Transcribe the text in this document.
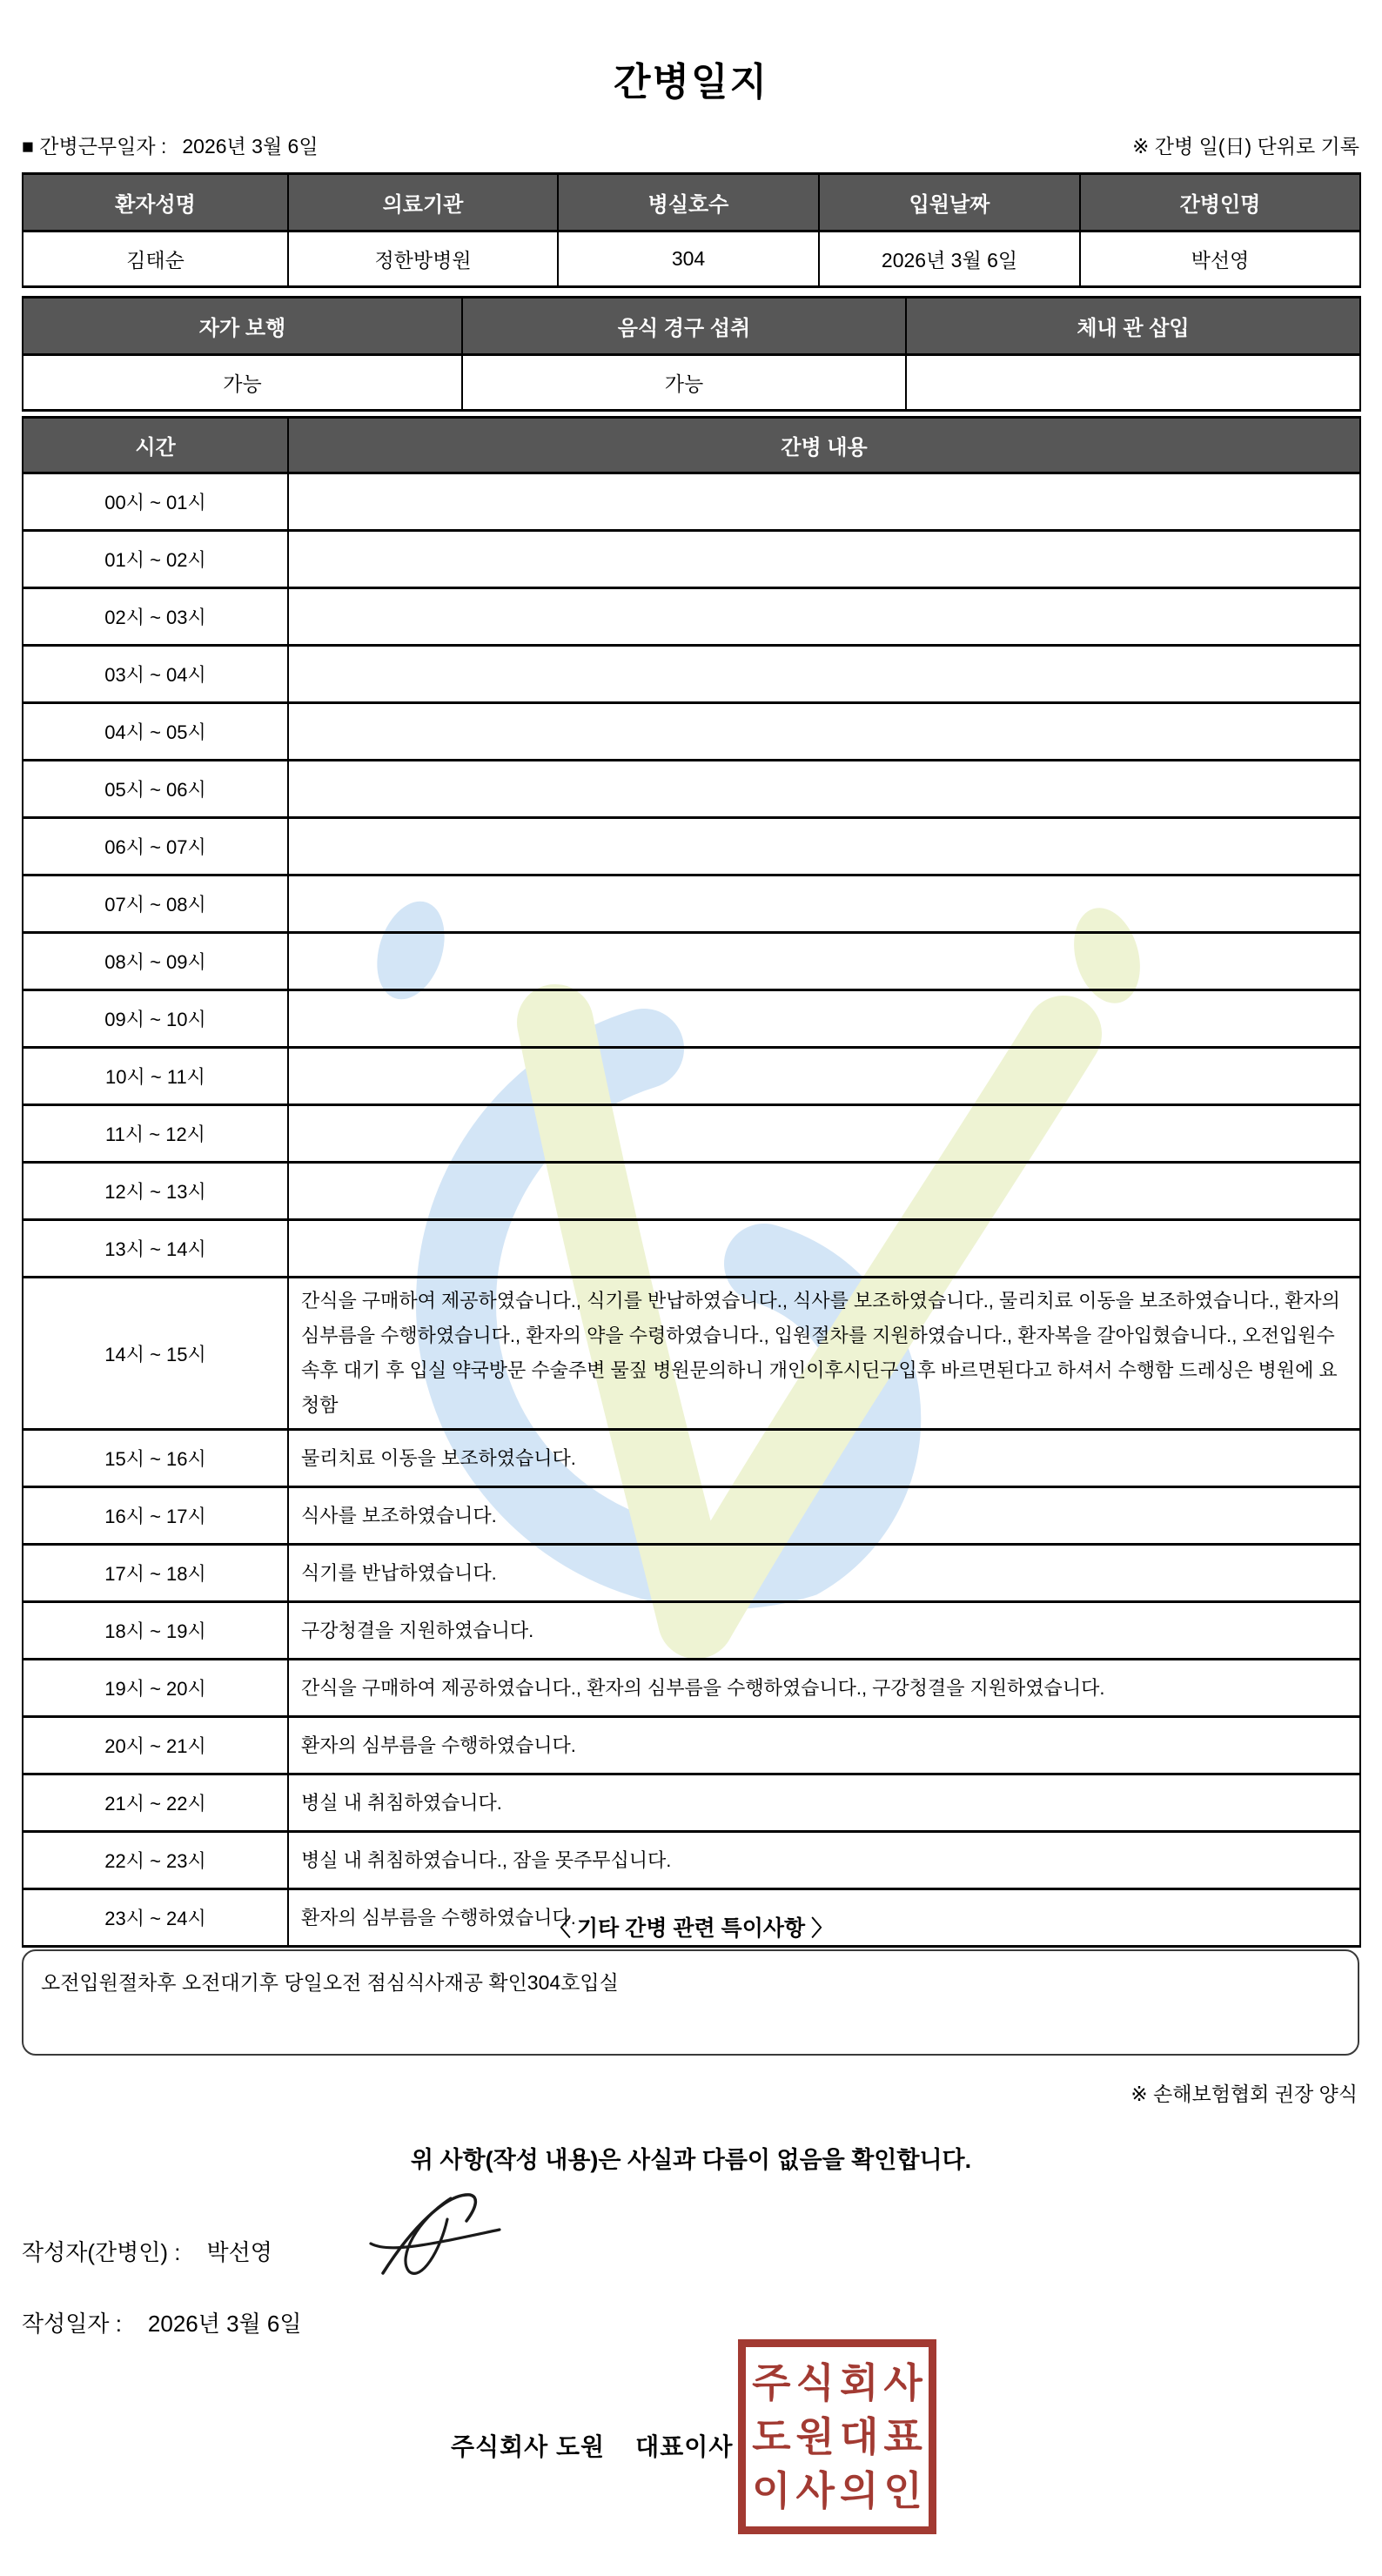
간병일지
■ 간병근무일자 : 2026년 3월 6일	※ 간병 일(日) 단위로 기록
환자성명	의료기관	병실호수	입원날짜	간병인명
김태순	정한방병원	304	2026년 3월 6일	박선영
자가 보행	음식 경구 섭취	체내 관 삽입
가능	가능	
시간	간병 내용
00시 ~ 01시	
01시 ~ 02시	
02시 ~ 03시	
03시 ~ 04시	
04시 ~ 05시	
05시 ~ 06시	
06시 ~ 07시	
07시 ~ 08시	
08시 ~ 09시	
09시 ~ 10시	
10시 ~ 11시	
11시 ~ 12시	
12시 ~ 13시	
13시 ~ 14시	
14시 ~ 15시	간식을 구매하여 제공하였습니다., 식기를 반납하였습니다., 식사를 보조하였습니다., 물리치료 이동을 보조하였습니다., 환자의 심부름을 수행하였습니다., 환자의 약을 수령하였습니다., 입원절차를 지원하였습니다., 환자복을 갈아입혔습니다., 오전입원수속후 대기 후 입실 약국방문 수술주변 물짚 병원문의하니 개인이후시딘구입후 바르면된다고 하셔서 수행함 드레싱은 병원에 요청함
15시 ~ 16시	물리치료 이동을 보조하였습니다.
16시 ~ 17시	식사를 보조하였습니다.
17시 ~ 18시	식기를 반납하였습니다.
18시 ~ 19시	구강청결을 지원하였습니다.
19시 ~ 20시	간식을 구매하여 제공하였습니다., 환자의 심부름을 수행하였습니다., 구강청결을 지원하였습니다.
20시 ~ 21시	환자의 심부름을 수행하였습니다.
21시 ~ 22시	병실 내 취침하였습니다.
22시 ~ 23시	병실 내 취침하였습니다., 잠을 못주무십니다.
23시 ~ 24시	환자의 심부름을 수행하였습니다.
〈 기타 간병 관련 특이사항 〉
오전입원절차후 오전대기후 당일오전 점심식사재공 확인304호입실
※ 손해보험협회 권장 양식
위 사항(작성 내용)은 사실과 다름이 없음을 확인합니다.
작성자(간병인) : 박선영
작성일자 : 2026년 3월 6일
주식회사 도원    대표이사
주식회사
도원대표
이사의인
